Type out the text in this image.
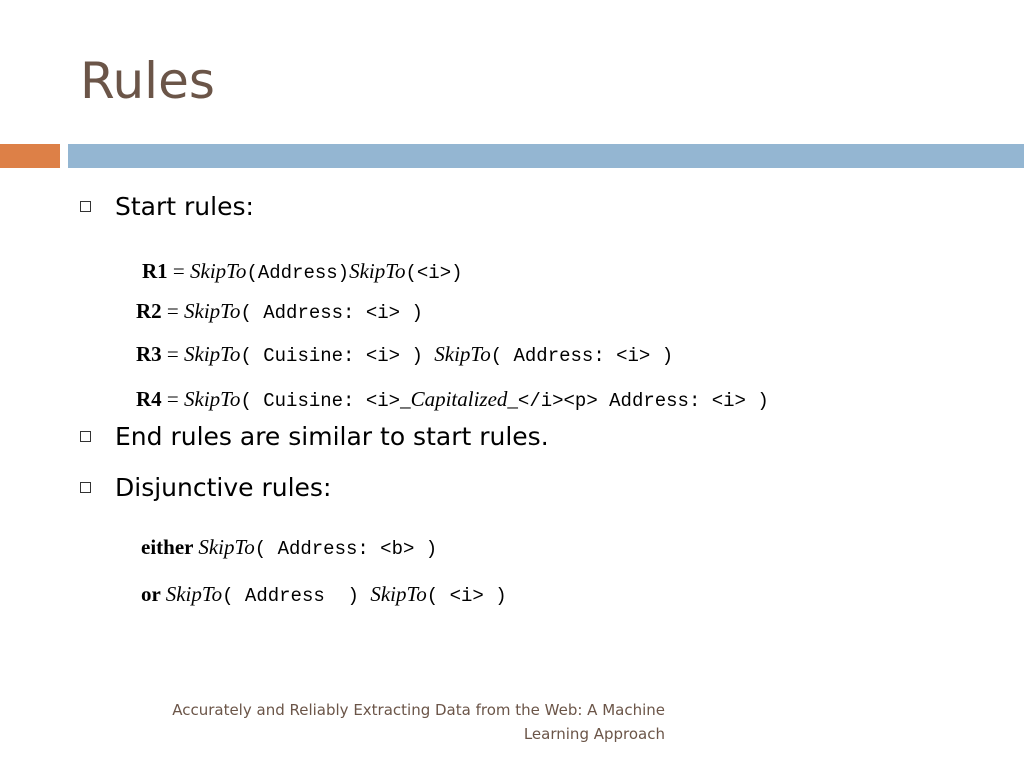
Rules
Start rules:
R1 = SkipTo(Address)SkipTo(<i>)
R2 = SkipTo( Address: <i> )
R3 = SkipTo( Cuisine: <i> ) SkipTo( Address: <i> )
R4 = SkipTo( Cuisine: <i>_Capitalized_</i><p> Address: <i> )
End rules are similar to start rules.
Disjunctive rules:
either SkipTo( Address: <b> )
or SkipTo( Address  ) SkipTo( <i> )
Accurately and Reliably Extracting Data from the Web: A Machine Learning Approach
